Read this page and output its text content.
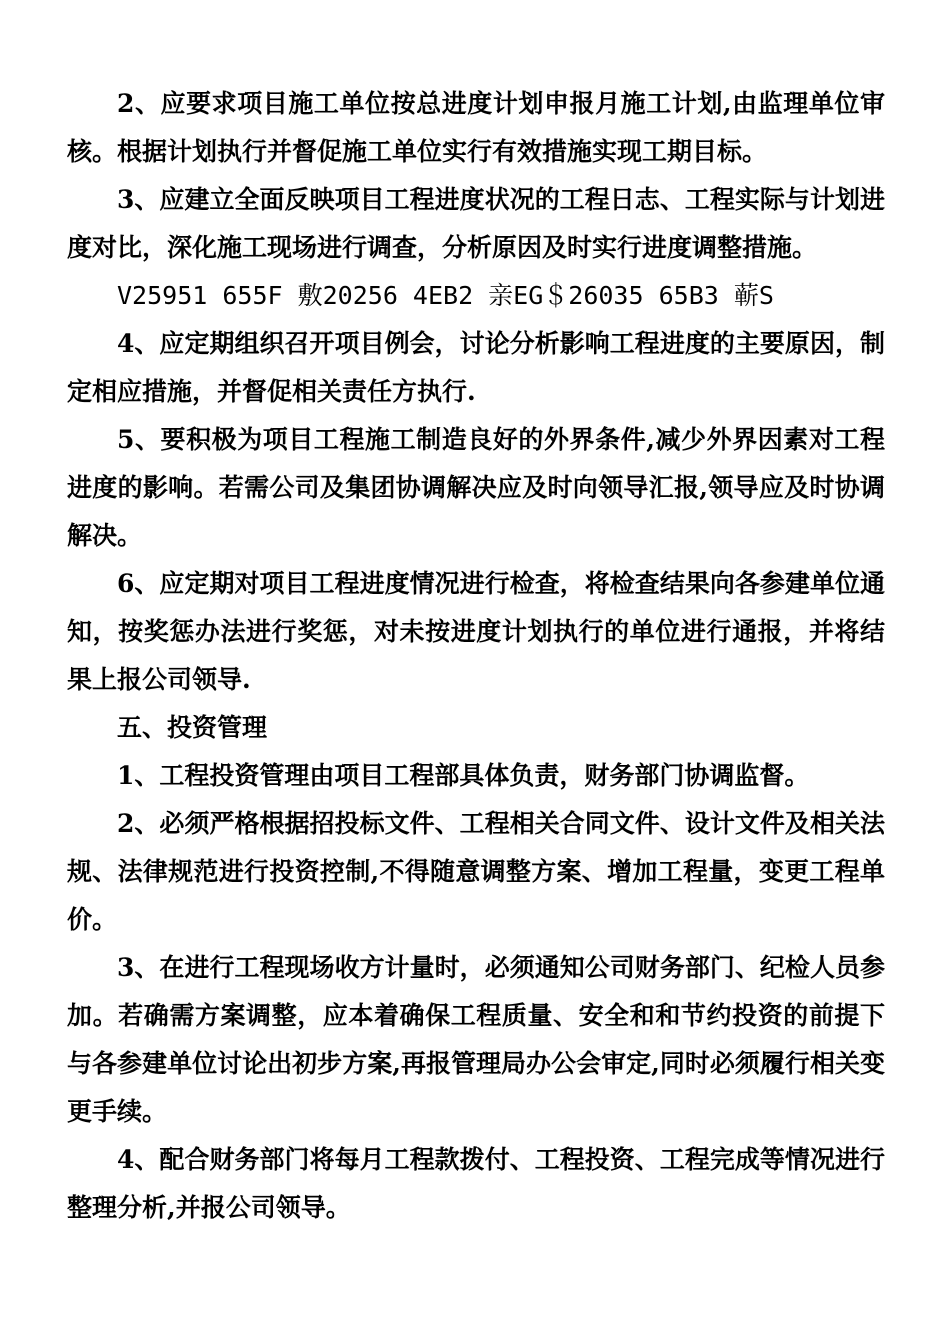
2、应要求项目施工单位按总进度计划申报月施工计划,由监理单位审核。根据计划执行并督促施工单位实行有效措施实现工期目标。

3、应建立全面反映项目工程进度状况的工程日志、工程实际与计划进度对比，深化施工现场进行调查，分析原因及时实行进度调整措施。

V25951 655F 敷20256 4EB2 亲EG＄26035 65B3 蕲S

4、应定期组织召开项目例会，讨论分析影响工程进度的主要原因，制定相应措施，并督促相关责任方执行.

5、要积极为项目工程施工制造良好的外界条件,减少外界因素对工程进度的影响。若需公司及集团协调解决应及时向领导汇报,领导应及时协调解决。

6、应定期对项目工程进度情况进行检查，将检查结果向各参建单位通知，按奖惩办法进行奖惩，对未按进度计划执行的单位进行通报，并将结果上报公司领导.

五、投资管理

1、工程投资管理由项目工程部具体负责，财务部门协调监督。

2、必须严格根据招投标文件、工程相关合同文件、设计文件及相关法规、法律规范进行投资控制,不得随意调整方案、增加工程量，变更工程单价。

3、在进行工程现场收方计量时，必须通知公司财务部门、纪检人员参加。若确需方案调整，应本着确保工程质量、安全和和节约投资的前提下与各参建单位讨论出初步方案,再报管理局办公会审定,同时必须履行相关变更手续。

4、配合财务部门将每月工程款拨付、工程投资、工程完成等情况进行整理分析,并报公司领导。
